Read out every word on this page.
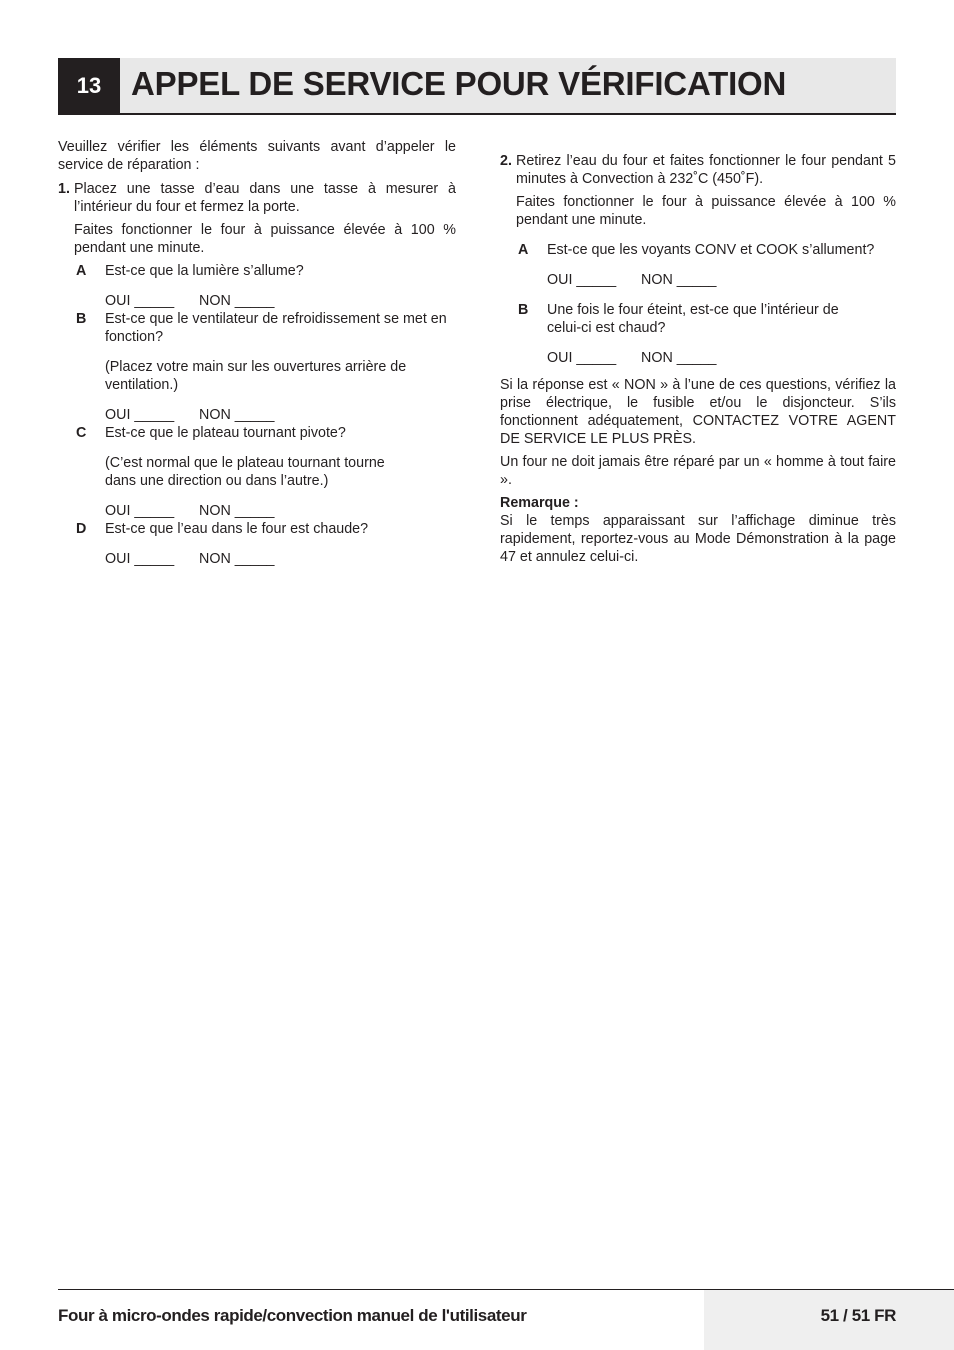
13 APPEL DE SERVICE POUR VÉRIFICATION

Veuillez vérifier les éléments suivants avant d’appeler le service de réparation :

1. Placez une tasse d’eau dans une tasse à mesurer à l’intérieur du four et fermez la porte.

Faites fonctionner le four à puissance élevée à 100 % pendant une minute.

A	Est-ce que la lumière s’allume?

OUI _____	NON _____

B	Est-ce que le ventilateur de refroidissement se met en fonction?

(Placez votre main sur les ouvertures arrière de ventilation.)

OUI _____	NON _____

C	Est-ce que le plateau tournant pivote?

(C’est normal que le plateau tournant tourne dans une direction ou dans l’autre.)

OUI _____	NON _____

D	Est-ce que l’eau dans le four est chaude?

OUI _____	NON _____

2. Retirez l’eau du four et faites fonctionner le four pendant 5 minutes à Convection à 232˚C (450˚F).

Faites fonctionner le four à puissance élevée à 100 % pendant une minute.

A	Est-ce que les voyants CONV et COOK s’allument?

OUI _____	NON _____

B	Une fois le four éteint, est-ce que l’intérieur de celui-ci est chaud?

OUI _____	NON _____

Si la réponse est « NON » à l’une de ces questions, vérifiez la prise électrique, le fusible et/ou le disjoncteur. S’ils fonctionnent adéquatement, CONTACTEZ VOTRE AGENT DE SERVICE LE PLUS PRÈS.

Un four ne doit jamais être réparé par un « homme à tout faire ».

Remarque :

Si le temps apparaissant sur l’affichage diminue très rapidement, reportez-vous au Mode Démonstration à la page 47 et annulez celui-ci.

Four à micro-ondes rapide/convection manuel de l'utilisateur	51 / 51 FR
